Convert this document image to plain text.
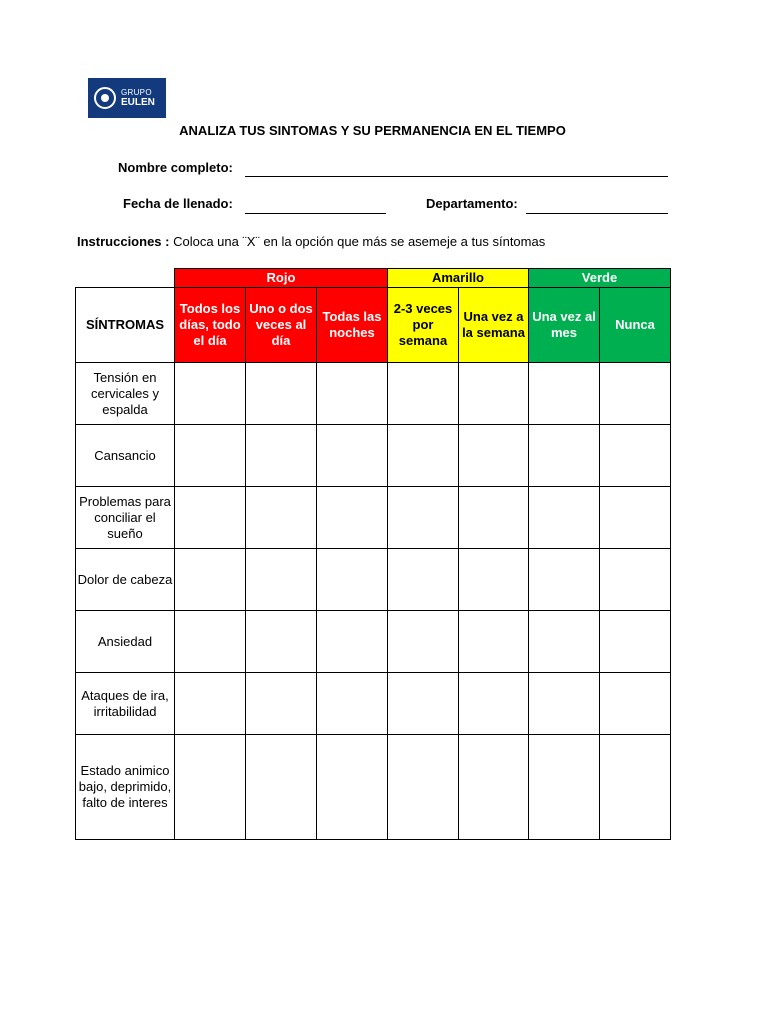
GRUPO
EULEN
ANALIZA TUS SINTOMAS Y SU PERMANENCIA EN EL TIEMPO
Nombre completo:
Fecha de llenado:	Departamento:
Instrucciones : Coloca una ¨X¨ en la opción que más se asemeje a tus síntomas
	Rojo			Amarillo		Verde	
SÍNTROMAS	Todos los días, todo el día	Uno o dos veces al día	Todas las noches	2-3 veces por semana	Una vez a la semana	Una vez al mes	Nunca
Tensión en cervicales y espalda							
Cansancio							
Problemas para conciliar el sueño							
Dolor de cabeza							
Ansiedad							
Ataques de ira, irritabilidad							
Estado animico bajo, deprimido, falto de interes							
